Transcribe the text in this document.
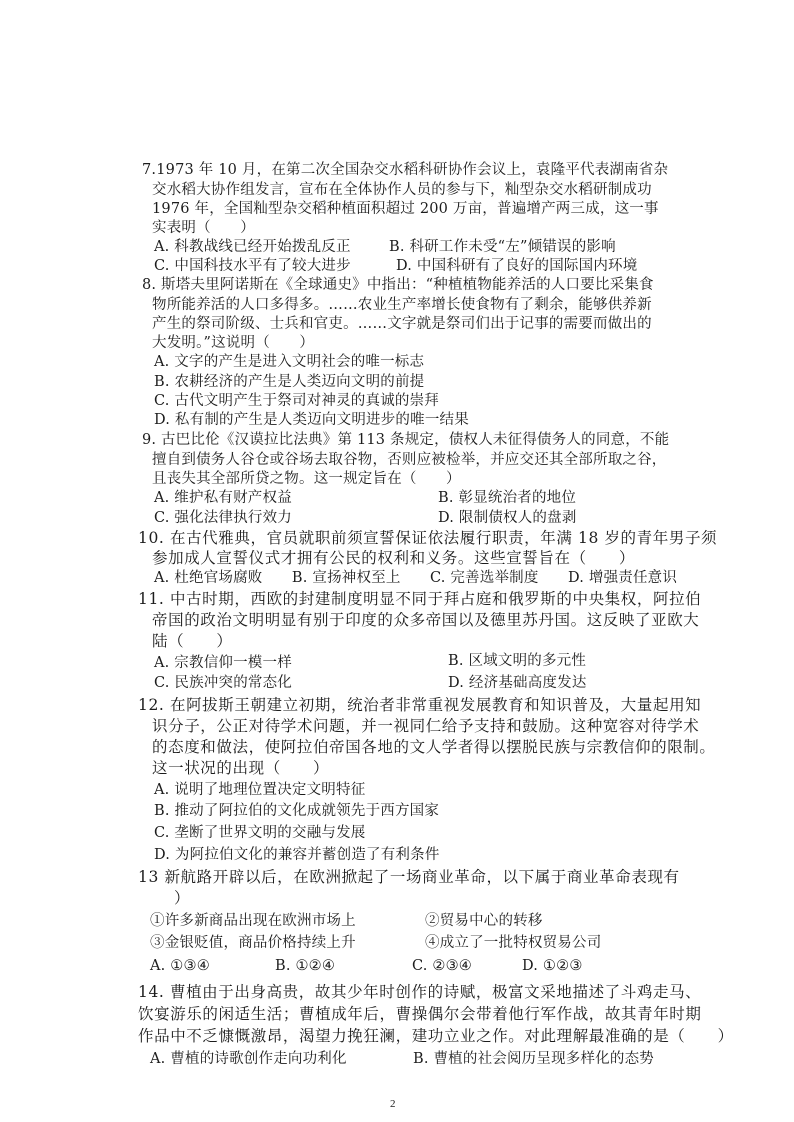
7.1973 年 10 月，在第二次全国杂交水稻科研协作会议上，袁隆平代表湖南省杂
交水稻大协作组发言，宣布在全体协作人员的参与下，籼型杂交水稻研制成功
1976 年，全国籼型杂交稻种植面积超过 200 万亩，普遍增产两三成，这一事
实表明（　　）
A. 科教战线已经开始拨乱反正	B. 科研工作未受“左”倾错误的影响
C. 中国科技水平有了较大进步	D. 中国科研有了良好的国际国内环境
8. 斯塔夫里阿诺斯在《全球通史》中指出：“种植植物能养活的人口要比采集食
物所能养活的人口多得多。……农业生产率增长使食物有了剩余，能够供养新
产生的祭司阶级、士兵和官吏。……文字就是祭司们出于记事的需要而做出的
大发明。”这说明（　　）
A. 文字的产生是进入文明社会的唯一标志
B. 农耕经济的产生是人类迈向文明的前提
C. 古代文明产生于祭司对神灵的真诚的崇拜
D. 私有制的产生是人类迈向文明进步的唯一结果
9. 古巴比伦《汉谟拉比法典》第 113 条规定，债权人未征得债务人的同意，不能
擅自到债务人谷仓或谷场去取谷物，否则应被检举，并应交还其全部所取之谷，
且丧失其全部所贷之物。这一规定旨在（　　）
A. 维护私有财产权益	B. 彰显统治者的地位
C. 强化法律执行效力	D. 限制债权人的盘剥
10. 在古代雅典，官员就职前须宣誓保证依法履行职责，年满 18 岁的青年男子须
参加成人宣誓仪式才拥有公民的权利和义务。这些宣誓旨在（　　）
A. 杜绝官场腐败　　B. 宣扬神权至上　　C. 完善选举制度　　D. 增强责任意识
11. 中古时期，西欧的封建制度明显不同于拜占庭和俄罗斯的中央集权，阿拉伯
帝国的政治文明明显有别于印度的众多帝国以及德里苏丹国。这反映了亚欧大
陆（　　）
A. 宗教信仰一模一样	B. 区域文明的多元性
C. 民族冲突的常态化	D. 经济基础高度发达
12. 在阿拔斯王朝建立初期，统治者非常重视发展教育和知识普及，大量起用知
识分子，公正对待学术问题，并一视同仁给予支持和鼓励。这种宽容对待学术
的态度和做法，使阿拉伯帝国各地的文人学者得以摆脱民族与宗教信仰的限制。
这一状况的出现（　　）
A. 说明了地理位置决定文明特征
B. 推动了阿拉伯的文化成就领先于西方国家
C. 垄断了世界文明的交融与发展
D. 为阿拉伯文化的兼容并蓄创造了有利条件
13 新航路开辟以后，在欧洲掀起了一场商业革命，以下属于商业革命表现有
）
①许多新商品出现在欧洲市场上	②贸易中心的转移
③金银贬值，商品价格持续上升	④成立了一批特权贸易公司
A. ①③④	B. ①②④	C. ②③④	D. ①②③
14. 曹植由于出身高贵，故其少年时创作的诗赋，极富文采地描述了斗鸡走马、
饮宴游乐的闲适生活；曹植成年后，曹操偶尔会带着他行军作战，故其青年时期
作品中不乏慷慨激昂，渴望力挽狂澜，建功立业之作。对此理解最准确的是（　　）
A. 曹植的诗歌创作走向功利化	B. 曹植的社会阅历呈现多样化的态势
2
